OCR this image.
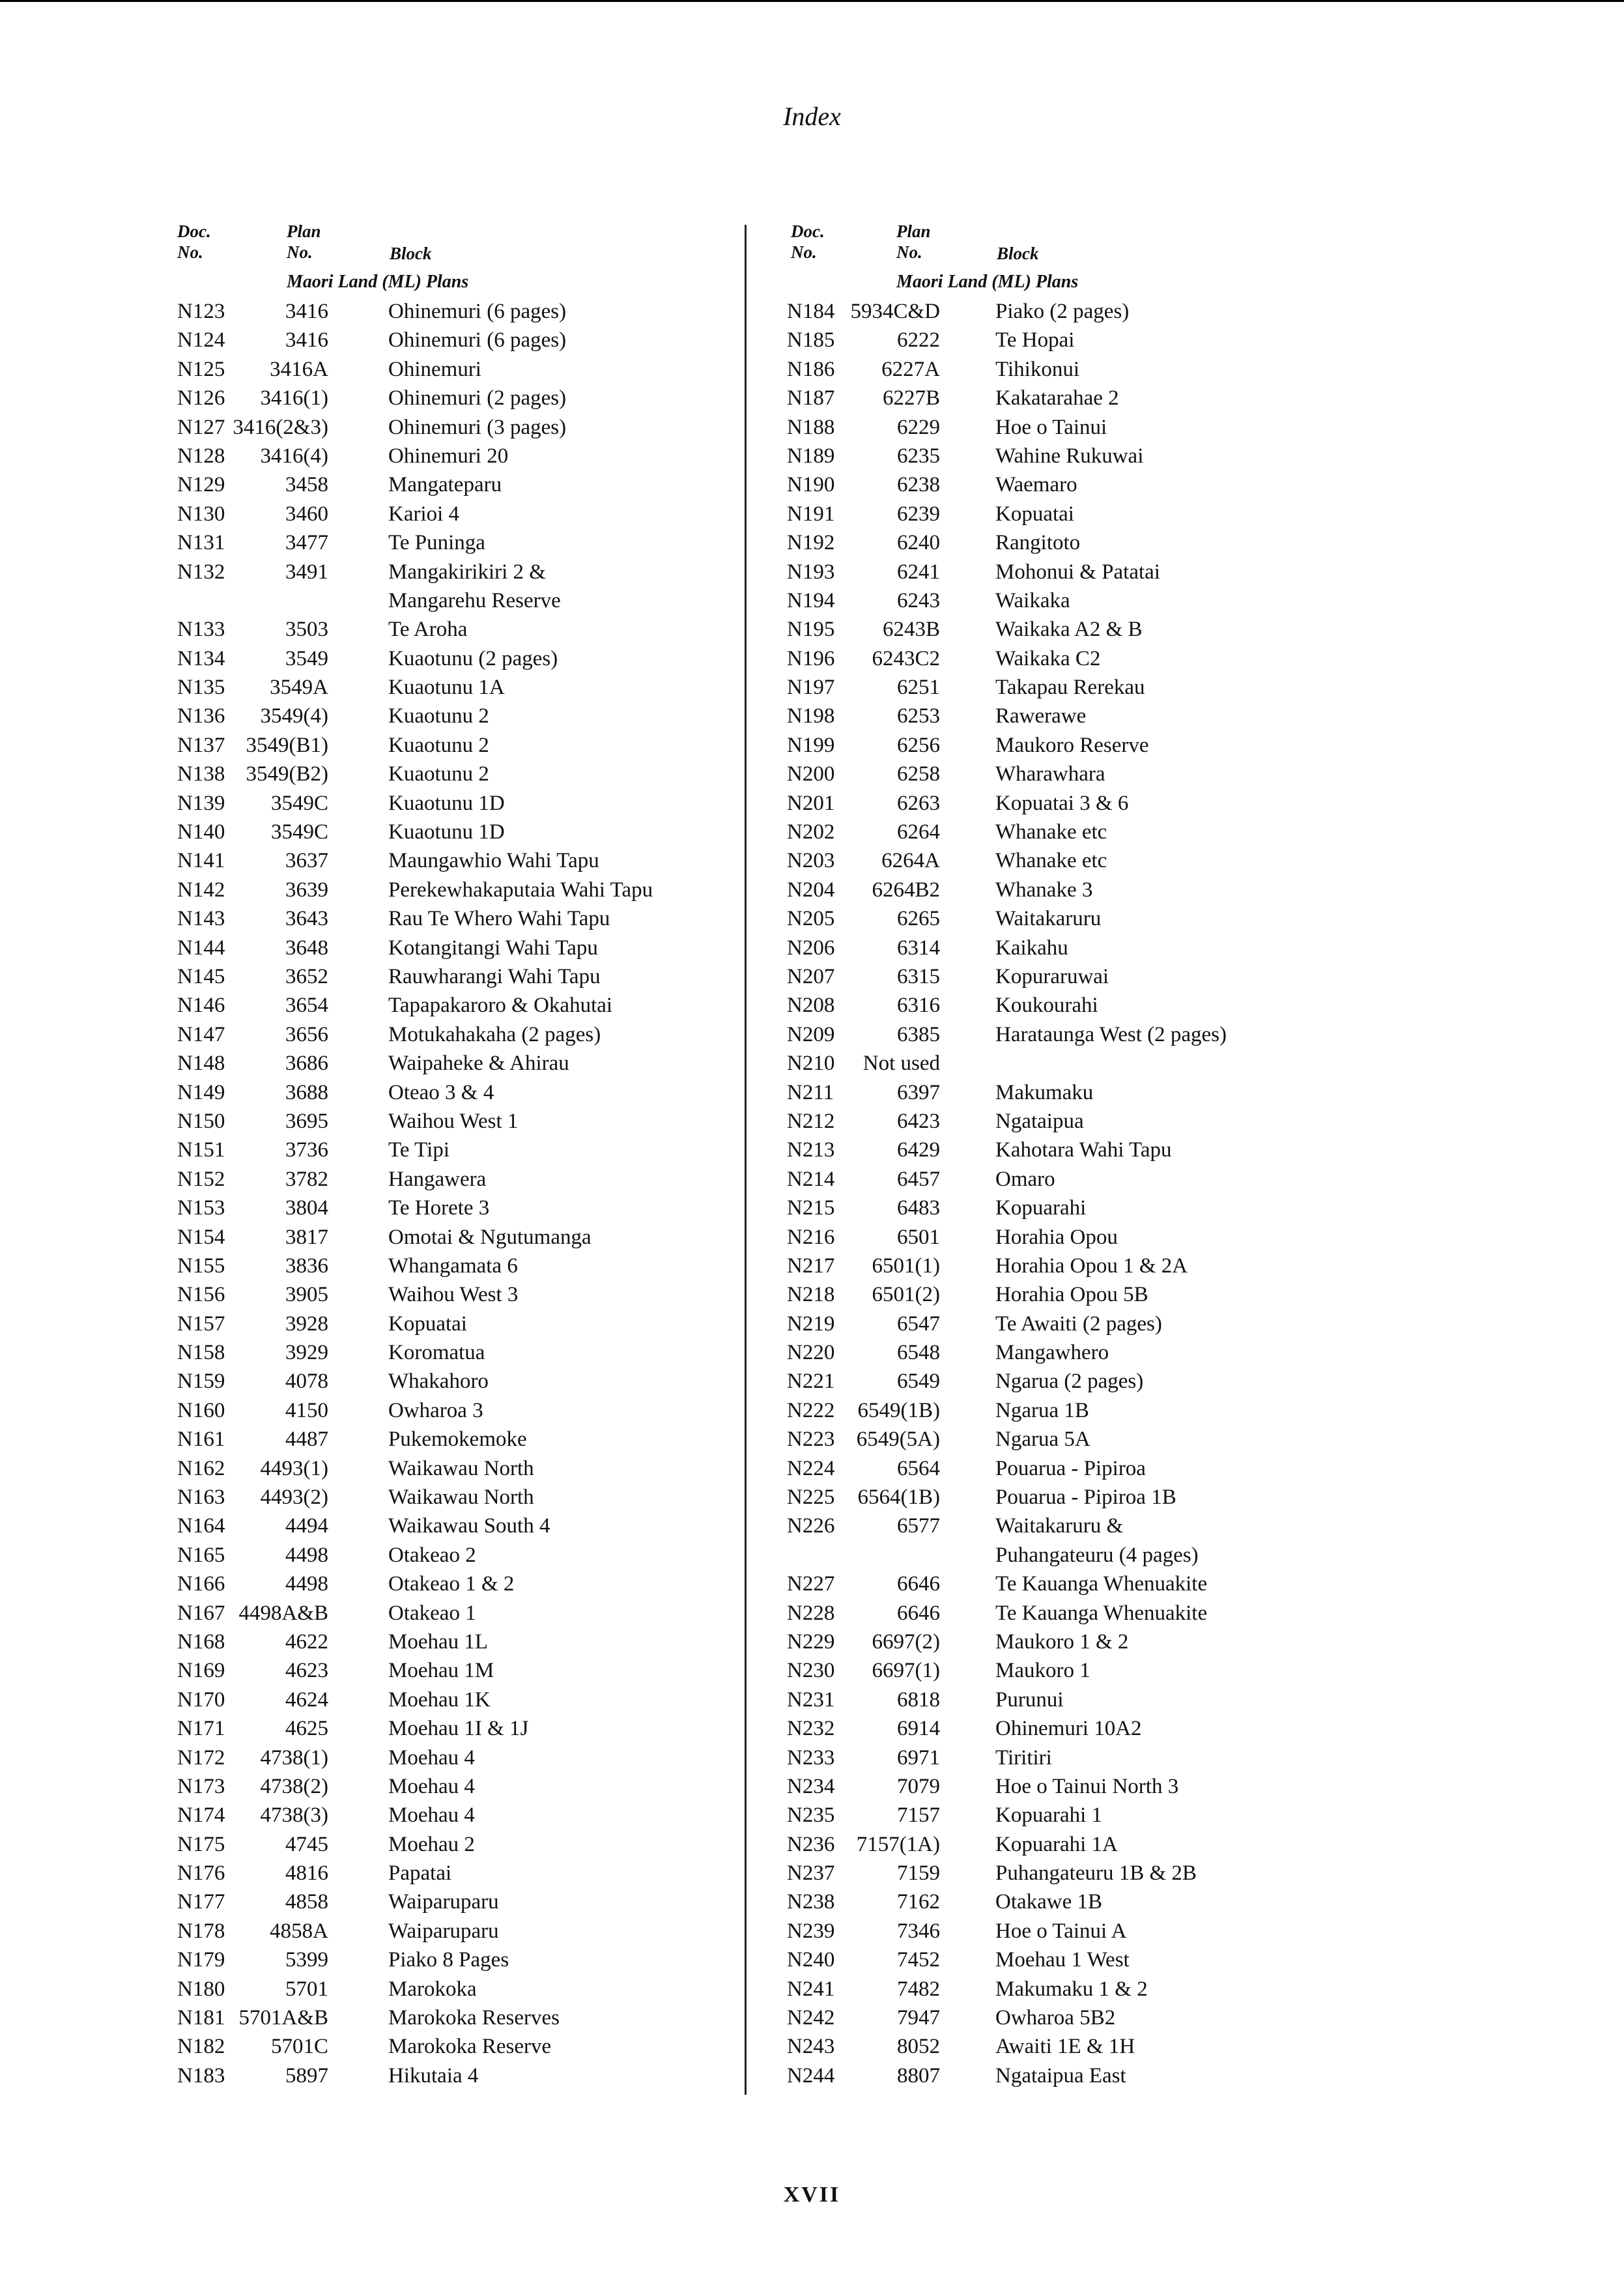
Index
Doc.
No.
Plan
No.	Block
Maori Land (ML) Plans
N123	3416	Ohinemuri (6 pages)
N124	3416	Ohinemuri (6 pages)
N125 3416A	Ohinemuri
N126 3416(1)	Ohinemuri (2 pages)
N127 3416(2&3)	Ohinemuri (3 pages)
N128 3416(4)	Ohinemuri 20
N129	3458	Mangateparu
N130	3460	Karioi 4
N131	3477	Te Puninga
N132	3491	Mangakirikiri 2 &
Mangarehu Reserve
N133	3503	Te Aroha
N134	3549	Kuaotunu (2 pages)
N135 3549A	Kuaotunu 1A
N136 3549(4)	Kuaotunu 2
N137 3549(B1)	Kuaotunu 2
N138 3549(B2)	Kuaotunu 2
N139 3549C	Kuaotunu 1D
N140 3549C	Kuaotunu 1D
N141	3637	Maungawhio Wahi Tapu
N142	3639	Perekewhakaputaia Wahi Tapu
N143	3643	Rau Te Whero Wahi Tapu
N144	3648	Kotangitangi Wahi Tapu
N145	3652	Rauwharangi Wahi Tapu
N146	3654	Tapapakaroro & Okahutai
N147	3656	Motukahakaha (2 pages)
N148	3686	Waipaheke & Ahirau
N149	3688	Oteao 3 & 4
N150	3695	Waihou West 1
N151	3736	Te Tipi
N152	3782	Hangawera
N153	3804	Te Horete 3
N154	3817	Omotai & Ngutumanga
N155	3836	Whangamata 6
N156	3905	Waihou West 3
N157	3928	Kopuatai
N158	3929	Koromatua
N159	4078	Whakahoro
N160	4150	Owharoa 3
N161	4487	Pukemokemoke
N162 4493(1)	Waikawau North
N163 4493(2)	Waikawau North
N164	4494	Waikawau South 4
N165	4498	Otakeao 2
N166	4498	Otakeao 1 & 2
N167 4498A&B	Otakeao 1
N168	4622	Moehau 1L
N169	4623	Moehau 1M
N170	4624	Moehau 1K
N171	4625	Moehau 1I & 1J
N172 4738(1)	Moehau 4
N173 4738(2)	Moehau 4
N174 4738(3)	Moehau 4
N175	4745	Moehau 2
N176	4816	Papatai
N177	4858	Waiparuparu
N178 4858A	Waiparuparu
N179	5399	Piako 8 Pages
N180	5701	Marokoka
N181 5701A&B	Marokoka Reserves
N182 5701C	Marokoka Reserve
N183	5897	Hikutaia 4
Doc.
No.
Plan
No.	Block
Maori Land (ML) Plans
N184 5934C&D	Piako (2 pages)
N185	6222	Te Hopai
N186 6227A	Tihikonui
N187 6227B	Kakatarahae 2
N188	6229	Hoe o Tainui
N189	6235	Wahine Rukuwai
N190	6238	Waemaro
N191	6239	Kopuatai
N192	6240	Rangitoto
N193	6241	Mohonui & Patatai
N194	6243	Waikaka
N195 6243B	Waikaka A2 & B
N196 6243C2	Waikaka C2
N197	6251	Takapau Rerekau
N198	6253	Rawerawe
N199	6256	Maukoro Reserve
N200	6258	Wharawhara
N201	6263	Kopuatai 3 & 6
N202	6264	Whanake etc
N203 6264A	Whanake etc
N204 6264B2	Whanake 3
N205	6265	Waitakaruru
N206	6314	Kaikahu
N207	6315	Kopuraruwai
N208	6316	Koukourahi
N209	6385	Harataunga West (2 pages)
N210 Not used
N211	6397	Makumaku
N212	6423	Ngataipua
N213	6429	Kahotara Wahi Tapu
N214	6457	Omaro
N215	6483	Kopuarahi
N216	6501	Horahia Opou
N217 6501(1)	Horahia Opou 1 & 2A
N218 6501(2)	Horahia Opou 5B
N219	6547	Te Awaiti (2 pages)
N220	6548	Mangawhero
N221	6549	Ngarua (2 pages)
N222 6549(1B)	Ngarua 1B
N223 6549(5A)	Ngarua 5A
N224	6564	Pouarua - Pipiroa
N225 6564(1B)	Pouarua - Pipiroa 1B
N226	6577	Waitakaruru &
Puhangateuru (4 pages)
N227	6646	Te Kauanga Whenuakite
N228	6646	Te Kauanga Whenuakite
N229 6697(2)	Maukoro 1 & 2
N230 6697(1)	Maukoro 1
N231	6818	Purunui
N232	6914	Ohinemuri 10A2
N233	6971	Tiritiri
N234	7079	Hoe o Tainui North 3
N235	7157	Kopuarahi 1
N236 7157(1A)	Kopuarahi 1A
N237	7159	Puhangateuru 1B & 2B
N238	7162	Otakawe 1B
N239	7346	Hoe o Tainui A
N240	7452	Moehau 1 West
N241	7482	Makumaku 1 & 2
N242	7947	Owharoa 5B2
N243	8052	Awaiti 1E & 1H
N244	8807	Ngataipua East
XVII
